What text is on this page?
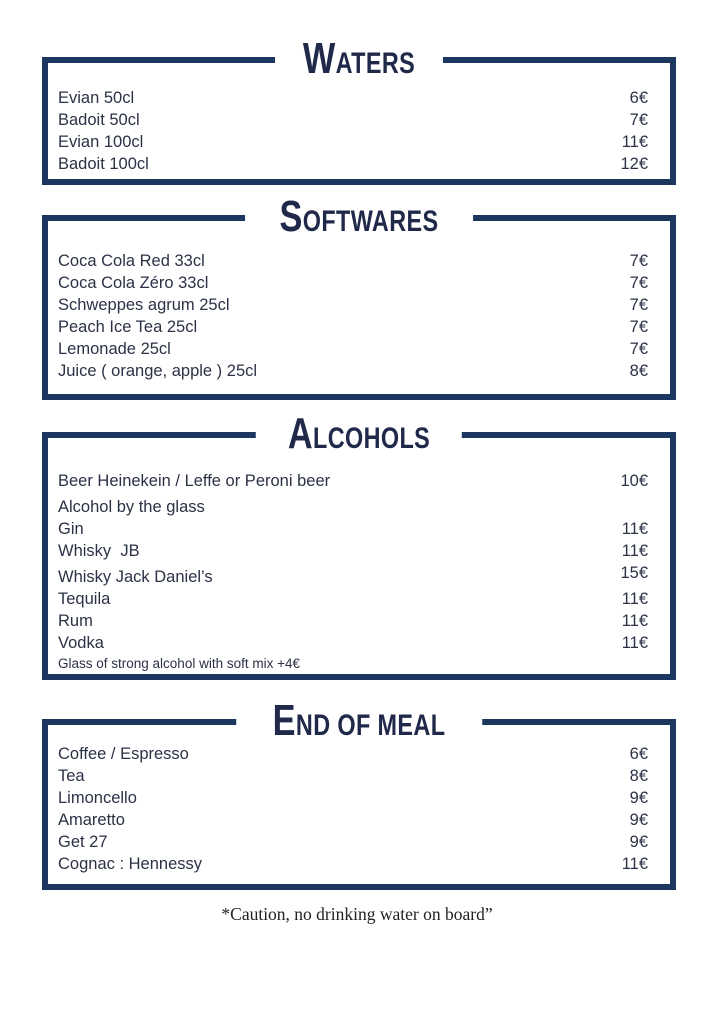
WATERS
Evian 50cl	6€
Badoit 50cl	7€
Evian 100cl	11€
Badoit 100cl	12€
SOFTWARES
Coca Cola Red 33cl	7€
Coca Cola Zéro 33cl	7€
Schweppes agrum 25cl	7€
Peach Ice Tea 25cl	7€
Lemonade 25cl	7€
Juice ( orange, apple ) 25cl	8€
ALCOHOLS
Beer Heinekein / Leffe or Peroni beer	10€
Alcohol by the glass
Gin	11€
Whisky  JB	11€
Whisky Jack Daniel’s	15€
Tequila	11€
Rum	11€
Vodka	11€
Glass of strong alcohol with soft mix +4€
END OF MEAL
Coffee / Espresso	6€
Tea	8€
Limoncello	9€
Amaretto	9€
Get 27	9€
Cognac : Hennessy	11€
*Caution, no drinking water on board”
